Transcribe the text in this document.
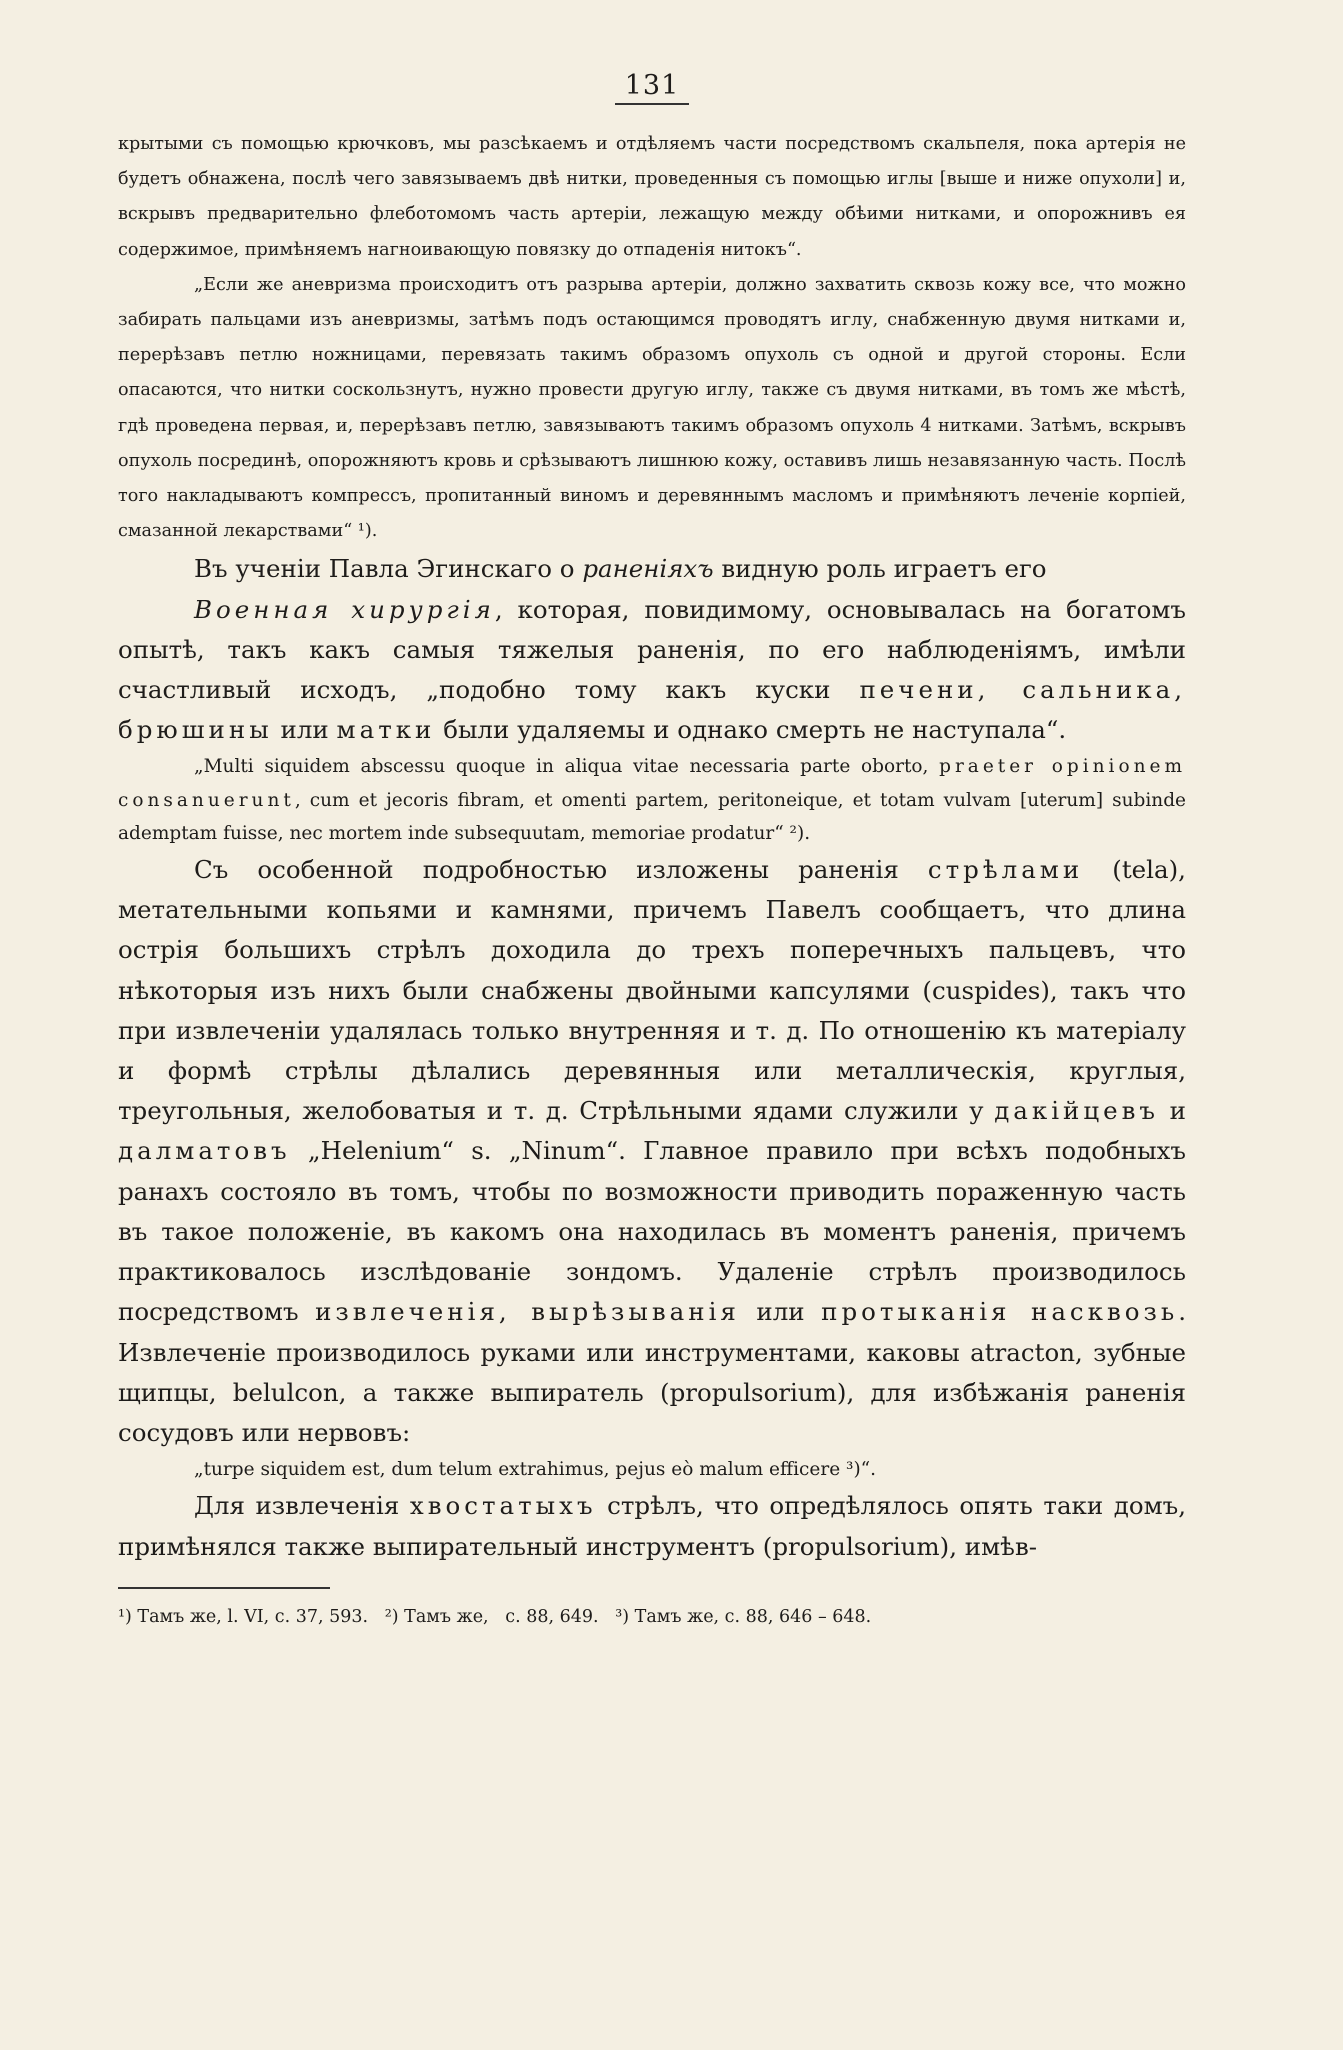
131

крытыми съ помощью крючковъ, мы разсѣкаемъ и отдѣляемъ части посредствомъ скальпеля, пока артерія не будетъ обнажена, послѣ чего завязываемъ двѣ нитки, проведенныя съ помощью иглы [выше и ниже опухоли] и, вскрывъ предварительно флеботомомъ часть артеріи, лежащую между обѣими нитками, и опорожнивъ ея содержимое, примѣняемъ нагноивающую повязку до отпаденія нитокъ“.

„Если же аневризма происходитъ отъ разрыва артеріи, должно захватить сквозь кожу все, что можно забирать пальцами изъ аневризмы, затѣмъ подъ остающимся проводятъ иглу, снабженную двумя нитками и, перерѣзавъ петлю ножницами, перевязать такимъ образомъ опухоль съ одной и другой стороны. Если опасаются, что нитки соскользнутъ, нужно провести другую иглу, также съ двумя нитками, въ томъ же мѣстѣ, гдѣ проведена первая, и, перерѣзавъ петлю, завязываютъ такимъ образомъ опухоль 4 нитками. Затѣмъ, вскрывъ опухоль посрединѣ, опорожняютъ кровь и срѣзываютъ лишнюю кожу, оставивъ лишь незавязанную часть. Послѣ того накладываютъ компрессъ, пропитанный виномъ и деревяннымъ масломъ и примѣняютъ леченіе корпіей, смазанной лекарствами“ ¹).

Въ ученіи Павла Эгинскаго о раненіяхъ видную роль играетъ его

Военная хирургія, которая, повидимому, основывалась на богатомъ опытѣ, такъ какъ самыя тяжелыя раненія, по его наблюденіямъ, имѣли счастливый исходъ, „подобно тому какъ куски печени, сальника, брюшины или матки были удаляемы и однако смерть не наступала“.

„Multi siquidem abscessu quoque in aliqua vitae necessaria parte oborto, praeter opinionem consanuerunt, cum et jecoris fibram, et omenti partem, peritoneique, et totam vulvam [uterum] subinde ademptam fuisse, nec mortem inde subsequutam, memoriae prodatur“ ²).

Съ особенной подробностью изложены раненія стрѣлами (tela), метательными копьями и камнями, причемъ Павелъ сообщаетъ, что длина острія большихъ стрѣлъ доходила до трехъ поперечныхъ пальцевъ, что нѣкоторыя изъ нихъ были снабжены двойными капсулями (cuspides), такъ что при извлеченіи удалялась только внутренняя и т. д. По отношенію къ матеріалу и формѣ стрѣлы дѣлались деревянныя или металлическія, круглыя, треугольныя, желобоватыя и т. д. Стрѣльными ядами служили у дакійцевъ и далматовъ „Helenium“ s. „Ninum“. Главное правило при всѣхъ подобныхъ ранахъ состояло въ томъ, чтобы по возможности приводить пораженную часть въ такое положеніе, въ какомъ она находилась въ моментъ раненія, причемъ практиковалось изслѣдованіе зондомъ. Удаленіе стрѣлъ производилось посредствомъ извлеченія, вырѣзыванія или протыканія насквозь. Извлеченіе производилось руками или инструментами, каковы atracton, зубные щипцы, belulcon, а также выпиратель (propulsorium), для избѣжанія раненія сосудовъ или нервовъ:

„turpe siquidem est, dum telum extrahimus, pejus eò malum efficere ³)“.

Для извлеченія хвостатыхъ стрѣлъ, что опредѣлялось опять таки домъ, примѣнялся также выпирательный инструментъ (propulsorium), имѣв-

¹) Тамъ же, l. VI, с. 37, 593.   ²) Тамъ же,   с. 88, 649.   ³) Тамъ же, с. 88, 646 – 648.
